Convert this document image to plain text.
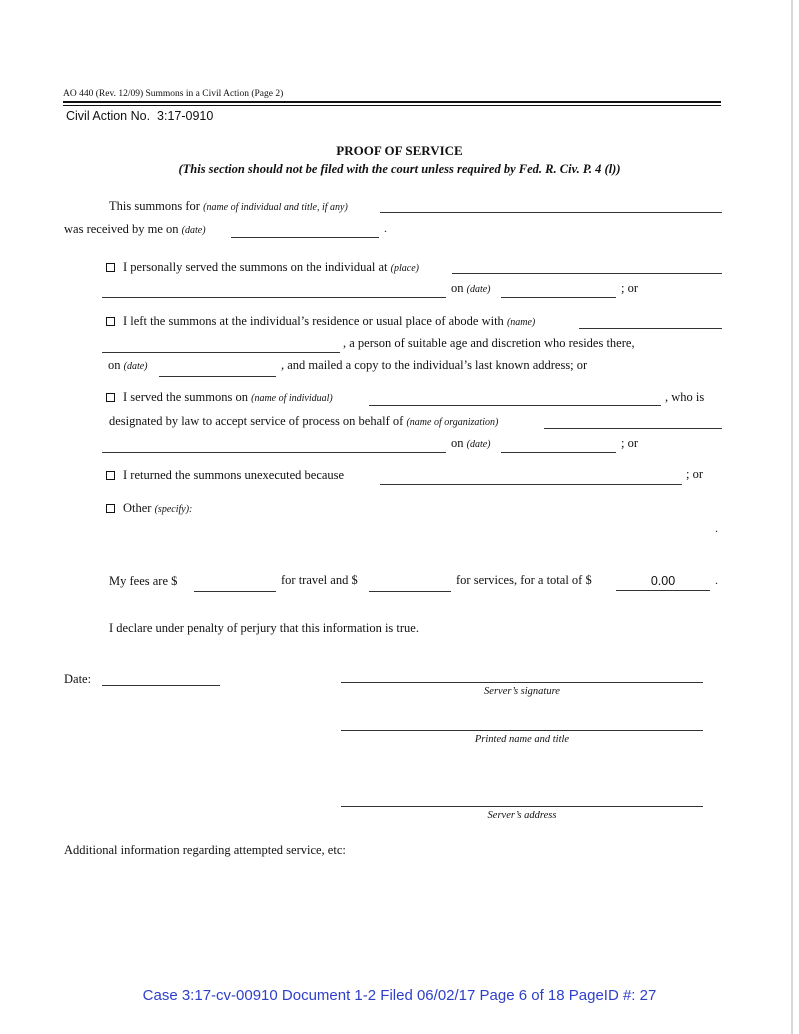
AO 440 (Rev. 12/09) Summons in a Civil Action (Page 2)
Civil Action No. 3:17-0910
PROOF OF SERVICE
(This section should not be filed with the court unless required by Fed. R. Civ. P. 4 (l))
This summons for (name of individual and title, if any)
was received by me on (date)	.
I personally served the summons on the individual at (place)
on (date)	; or
I left the summons at the individual’s residence or usual place of abode with (name)
, a person of suitable age and discretion who resides there,
on (date)	, and mailed a copy to the individual’s last known address; or
I served the summons on (name of individual)	, who is
designated by law to accept service of process on behalf of (name of organization)
on (date)	; or
I returned the summons unexecuted because	; or
Other (specify):
.
My fees are $	for travel and $	for services, for a total of $	0.00	.
I declare under penalty of perjury that this information is true.
Date:
Server’s signature
Printed name and title
Server’s address
Additional information regarding attempted service, etc:
Case 3:17-cv-00910 Document 1-2 Filed 06/02/17 Page 6 of 18 PageID #: 27
